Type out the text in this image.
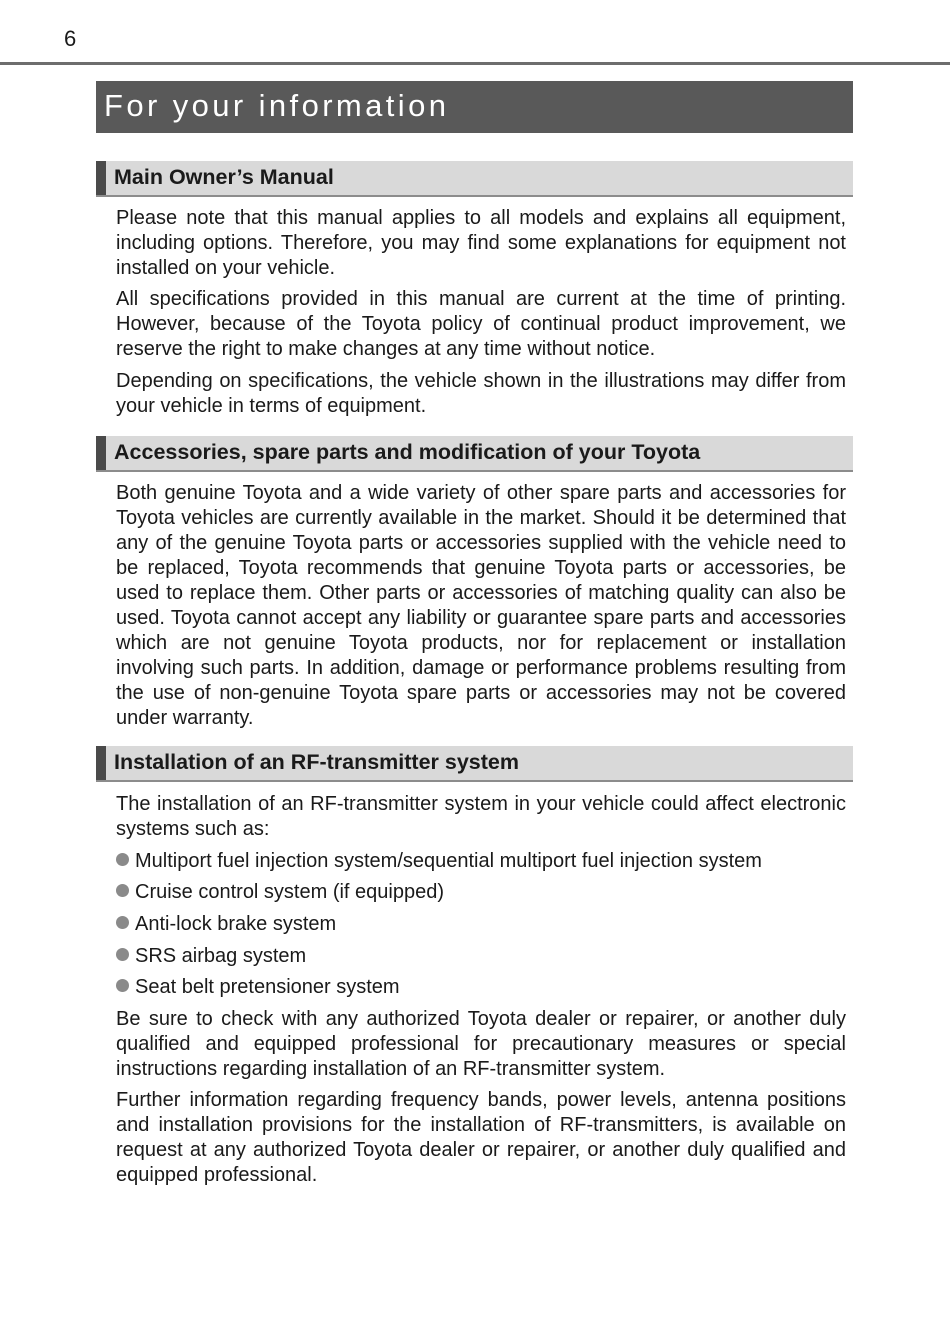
6
For your information
Main Owner’s Manual

Please note that this manual applies to all models and explains all equipment, including options. Therefore, you may find some explanations for equipment not installed on your vehicle.

All specifications provided in this manual are current at the time of printing. However, because of the Toyota policy of continual product improvement, we reserve the right to make changes at any time without notice.

Depending on specifications, the vehicle shown in the illustrations may differ from your vehicle in terms of equipment.

Accessories, spare parts and modification of your Toyota

Both genuine Toyota and a wide variety of other spare parts and accessories for Toyota vehicles are currently available in the market. Should it be determined that any of the genuine Toyota parts or accessories supplied with the vehicle need to be replaced, Toyota recommends that genuine Toyota parts or accessories, be used to replace them. Other parts or accessories of matching quality can also be used. Toyota cannot accept any liability or guarantee spare parts and accessories which are not genuine Toyota products, nor for replacement or installation involving such parts. In addition, damage or performance problems resulting from the use of non-genuine Toyota spare parts or accessories may not be covered under warranty.

Installation of an RF-transmitter system

The installation of an RF-transmitter system in your vehicle could affect electronic systems such as:

Multiport fuel injection system/sequential multiport fuel injection system
Cruise control system (if equipped)
Anti-lock brake system
SRS airbag system
Seat belt pretensioner system

Be sure to check with any authorized Toyota dealer or repairer, or another duly qualified and equipped professional for precautionary measures or special instructions regarding installation of an RF-transmitter system.

Further information regarding frequency bands, power levels, antenna positions and installation provisions for the installation of RF-transmitters, is available on request at any authorized Toyota dealer or repairer, or another duly qualified and equipped professional.
